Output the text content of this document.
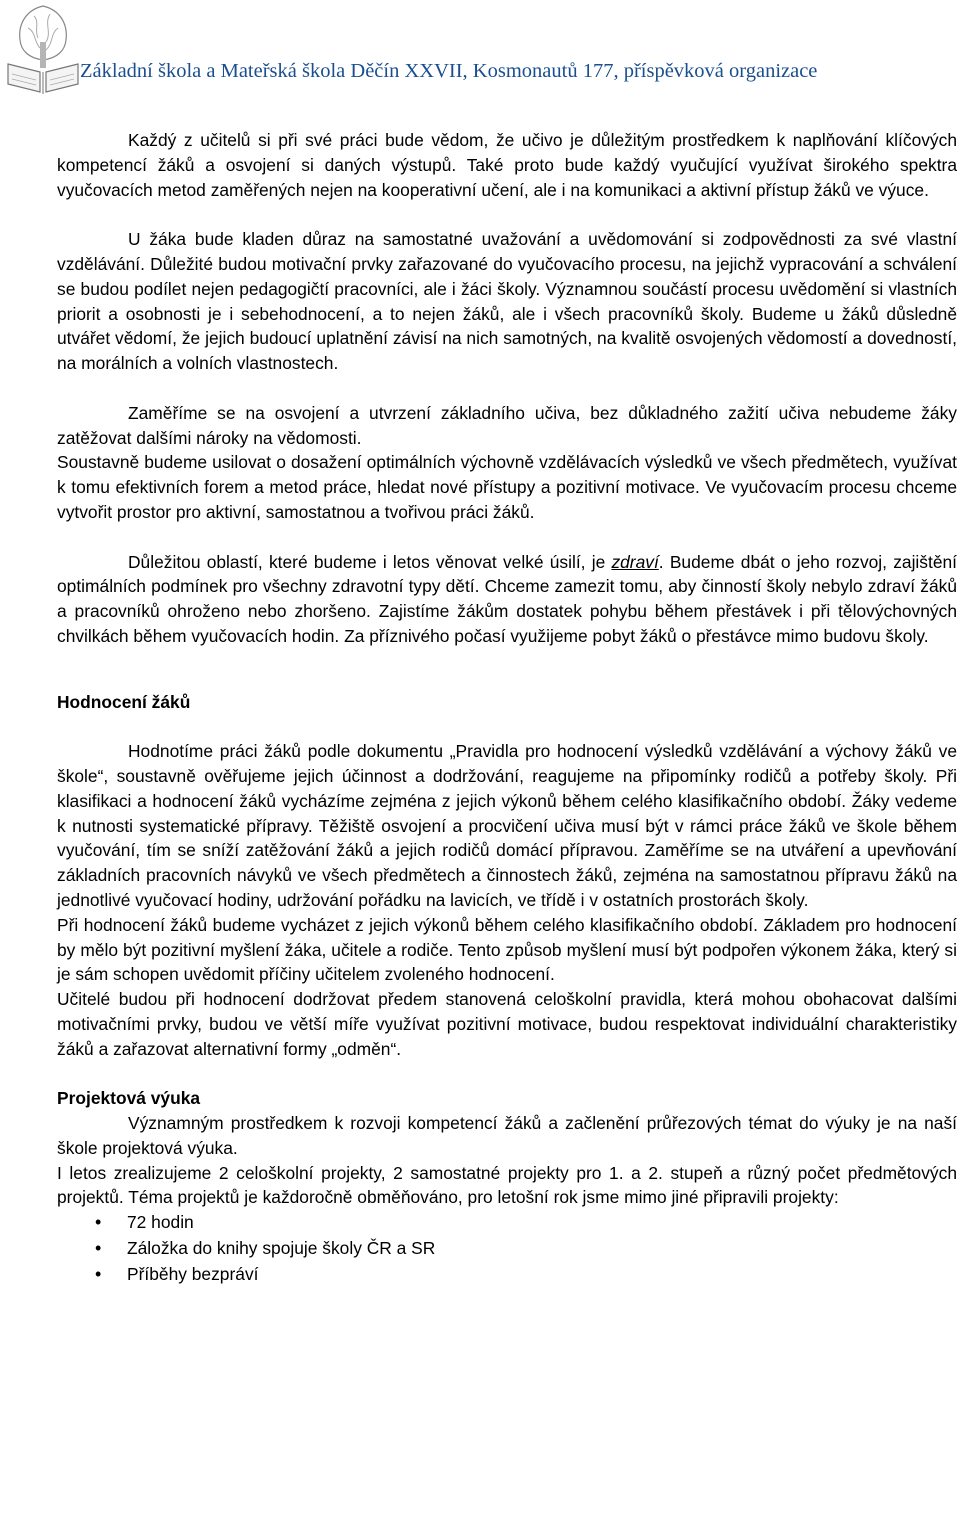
Základní škola a Mateřská škola Děčín XXVII, Kosmonautů 177, příspěvková organizace

Každý z učitelů si při své práci bude vědom, že učivo je důležitým prostředkem k naplňování klíčových kompetencí žáků a osvojení si daných výstupů. Také proto bude každý vyučující využívat širokého spektra vyučovacích metod zaměřených nejen na kooperativní učení, ale i na komunikaci a aktivní přístup žáků ve výuce.

U žáka bude kladen důraz na samostatné uvažování a uvědomování si zodpovědnosti za své vlastní vzdělávání. Důležité budou motivační prvky zařazované do vyučovacího procesu, na jejichž vypracování a schválení se budou podílet nejen pedagogičtí pracovníci, ale i žáci školy. Významnou součástí procesu uvědomění si vlastních priorit a osobnosti je i sebehodnocení, a to nejen žáků, ale i všech pracovníků školy. Budeme u žáků důsledně utvářet vědomí, že jejich budoucí uplatnění závisí na nich samotných, na kvalitě osvojených vědomostí a dovedností, na morálních a volních vlastnostech.

Zaměříme se na osvojení a utvrzení základního učiva, bez důkladného zažití učiva nebudeme žáky zatěžovat dalšími nároky na vědomosti.

Soustavně budeme usilovat o dosažení optimálních výchovně vzdělávacích výsledků ve všech předmětech, využívat k tomu efektivních forem a metod práce, hledat nové přístupy a pozitivní motivace. Ve vyučovacím procesu chceme vytvořit prostor pro aktivní, samostatnou a tvořivou práci žáků.

Důležitou oblastí, které budeme i letos věnovat velké úsilí, je zdraví. Budeme dbát o jeho rozvoj, zajištění optimálních podmínek pro všechny zdravotní typy dětí. Chceme zamezit tomu, aby činností školy nebylo zdraví žáků a pracovníků ohroženo nebo zhoršeno. Zajistíme žákům dostatek pohybu během přestávek i při tělovýchovných chvilkách během vyučovacích hodin. Za příznivého počasí využijeme pobyt žáků o přestávce mimo budovu školy.

Hodnocení žáků

Hodnotíme práci žáků podle dokumentu „Pravidla pro hodnocení výsledků vzdělávání a výchovy žáků ve škole“, soustavně ověřujeme jejich účinnost a dodržování, reagujeme na připomínky rodičů a potřeby školy. Při klasifikaci a hodnocení žáků vycházíme zejména z jejich výkonů během celého klasifikačního období. Žáky vedeme k nutnosti systematické přípravy. Těžiště osvojení a procvičení učiva musí být v rámci práce žáků ve škole během vyučování, tím se sníží zatěžování žáků a jejich rodičů domácí přípravou. Zaměříme se na utváření a upevňování základních pracovních návyků ve všech předmětech a činnostech žáků, zejména na samostatnou přípravu žáků na jednotlivé vyučovací hodiny, udržování pořádku na lavicích, ve třídě i v ostatních prostorách školy.

Při hodnocení žáků budeme vycházet z jejich výkonů během celého klasifikačního období. Základem pro hodnocení by mělo být pozitivní myšlení žáka, učitele a rodiče. Tento způsob myšlení musí být podpořen výkonem žáka, který si je sám schopen uvědomit příčiny učitelem zvoleného hodnocení.

Učitelé budou při hodnocení dodržovat předem stanovená celoškolní pravidla, která mohou obohacovat dalšími motivačními prvky, budou ve větší míře využívat pozitivní motivace, budou respektovat individuální charakteristiky žáků a zařazovat alternativní formy „odměn“.

Projektová výuka

Významným prostředkem k rozvoji kompetencí žáků a začlenění průřezových témat do výuky je na naší škole projektová výuka.

I letos zrealizujeme 2 celoškolní projekty, 2 samostatné projekty pro 1. a 2. stupeň a různý počet předmětových projektů. Téma projektů je každoročně obměňováno, pro letošní rok jsme mimo jiné připravili projekty:

• 72 hodin
• Záložka do knihy spojuje školy ČR a SR
• Příběhy bezpráví
